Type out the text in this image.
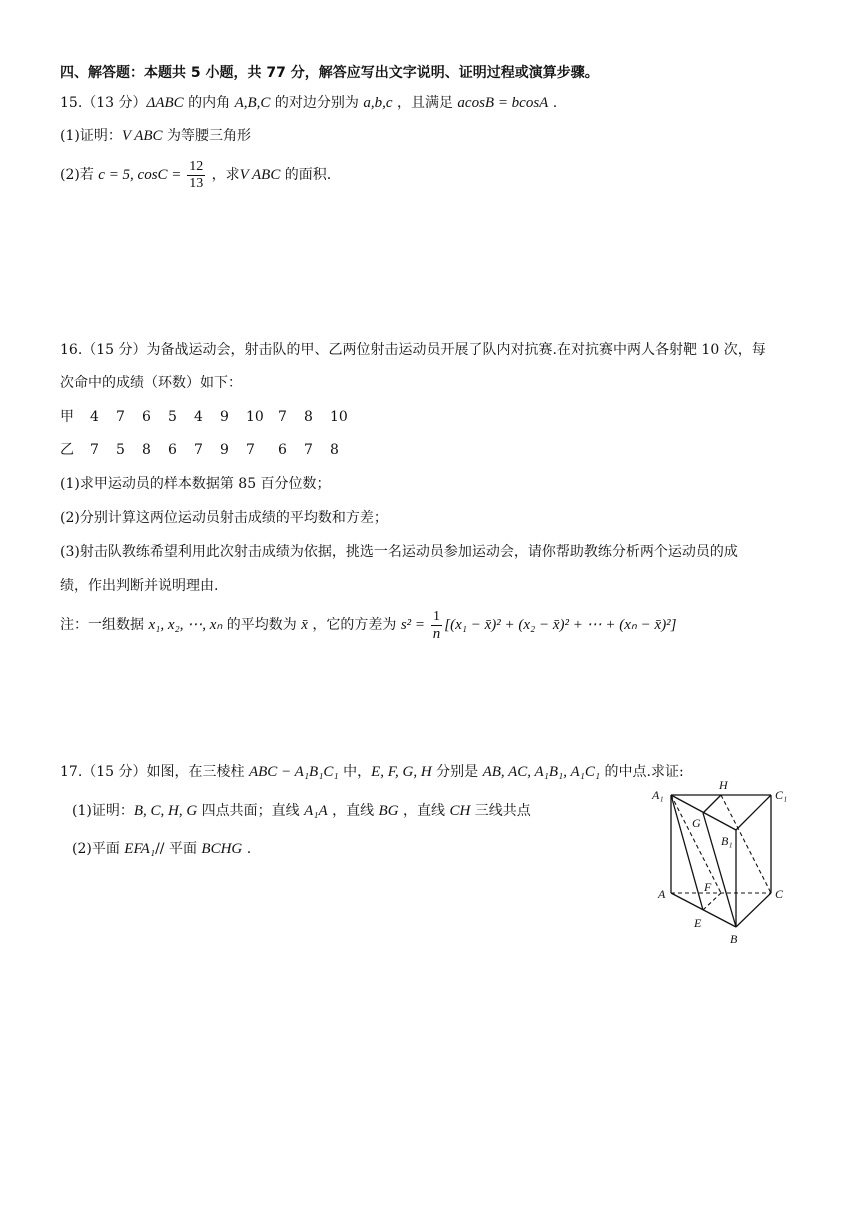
四、解答题：本题共 5 小题，共 77 分，解答应写出文字说明、证明过程或演算步骤。
15.（13 分）ΔABC 的内角 A,B,C 的对边分别为 a,b,c ，且满足 acosB = bcosA .
(1)证明：V ABC 为等腰三角形
(2)若 c = 5, $\cos C = \frac{12}{13}$ ，求V ABC 的面积.
16.（15 分）为备战运动会，射击队的甲、乙两位射击运动员开展了队内对抗赛.在对抗赛中两人各射靶 10 次，每
次命中的成绩（环数）如下：
甲 4 7 6 5 4 9 10 7 8 10
乙 7 5 8 6 7 9 7 6 7 8
(1)求甲运动员的样本数据第 85 百分位数；
(2)分别计算这两位运动员射击成绩的平均数和方差；
(3)射击队教练希望利用此次射击成绩为依据，挑选一名运动员参加运动会，请你帮助教练分析两个运动员的成
绩，作出判断并说明理由.
注：一组数据 x₁, x₂, ⋯, xₙ 的平均数为 x̄ ，它的方差为 $s^2 = \frac{1}{n} [(x_1$ − x̄)² + (x₂ − x̄)² + ⋯ + (xₙ − x̄)²]
17.（15 分）如图，在三棱柱 ABC − A₁B₁C₁ 中，E, F, G, H 分别是 AB, AC, A₁B₁, A₁C₁ 的中点.求证:
(1)证明：B, C, H, G 四点共面；直线 A₁A ，直线 BG ，直线 CH 三线共点
(2)平面 EFA₁// 平面 BCHG .
A₁
H
C₁
G
B₁
F
A	C
E
B
